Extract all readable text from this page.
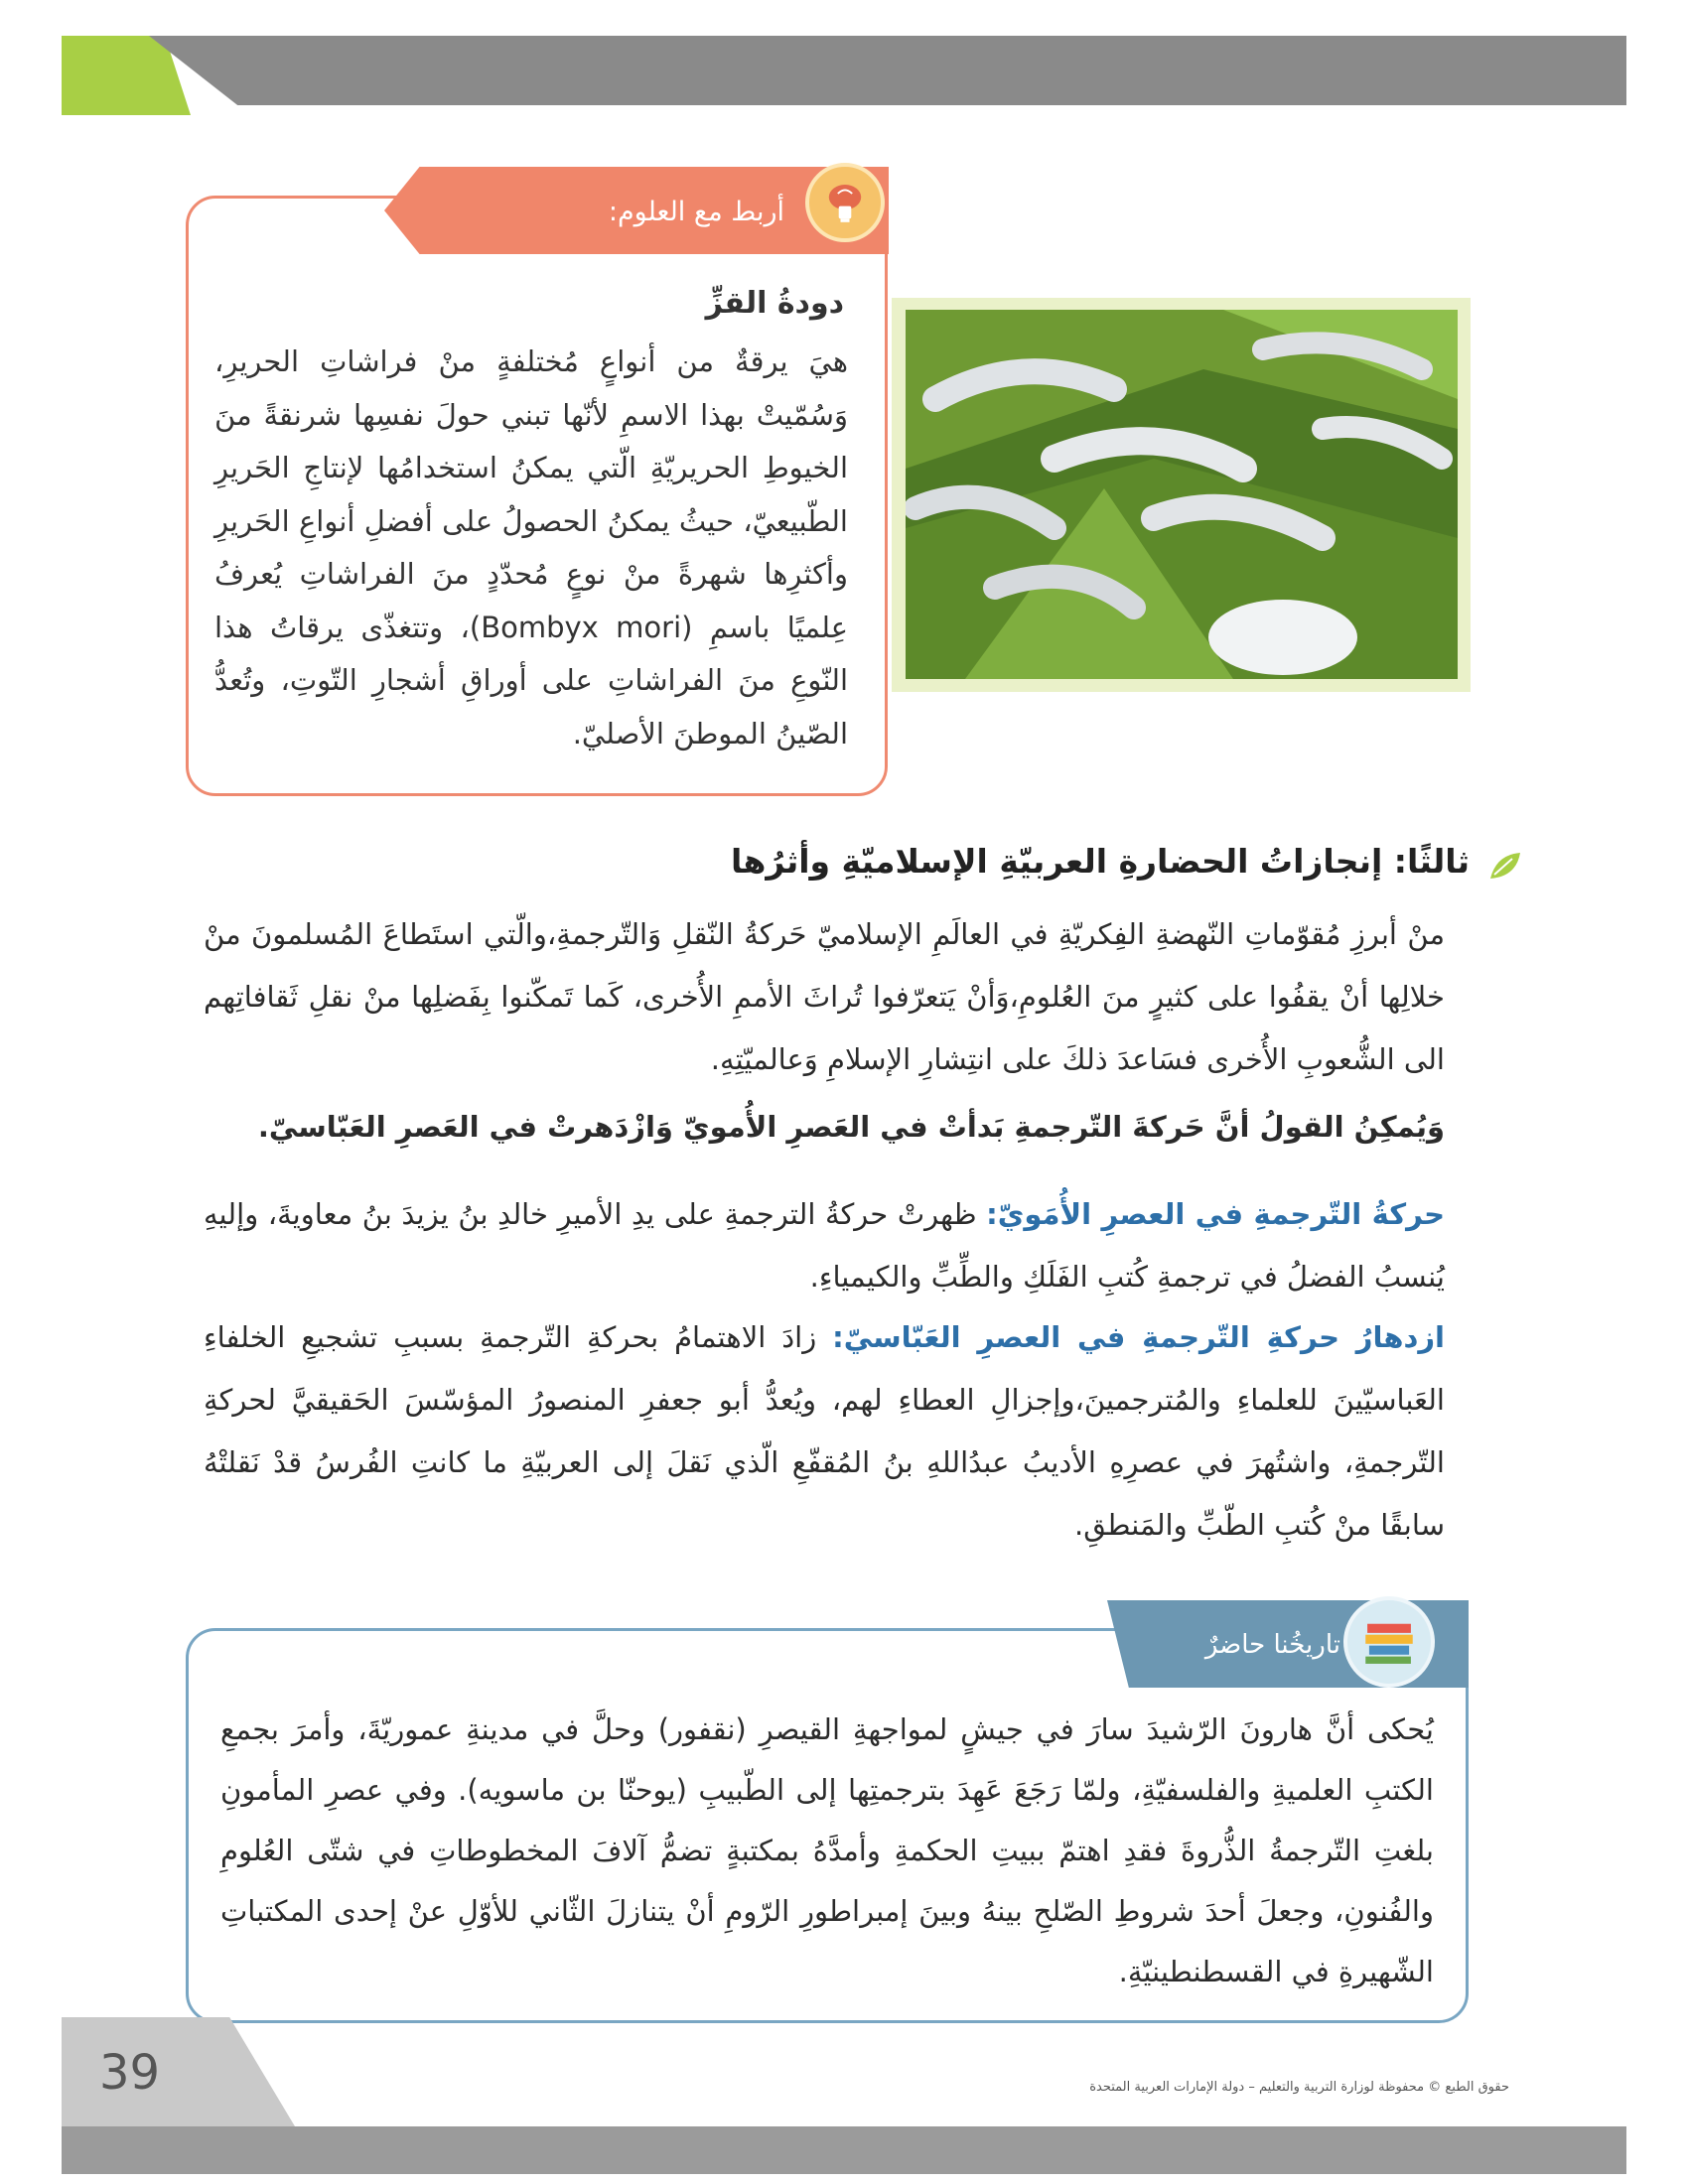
أربط مع العلوم:
دودةُ القزِّ
هيَ يرقةٌ من أنواعٍ مُختلفةٍ منْ فراشاتِ الحريرِ، وَسُمّيتْ بهذا الاسمِ لأنّها تبني حولَ نفسِها شرنقةً منَ الخيوطِ الحريريّةِ الّتي يمكنُ استخدامُها لإنتاجِ الحَريرِ الطّبيعيّ، حيثُ يمكنُ الحصولُ على أفضلِ أنواعِ الحَريرِ وأكثرِها شهرةً منْ نوعٍ مُحدّدٍ منَ الفراشاتِ يُعرفُ عِلميًا باسمِ (Bombyx mori)، وتتغذّى يرقاتُ هذا النّوعِ منَ الفراشاتِ على أوراقِ أشجارِ التّوتِ، وتُعدُّ الصّينُ الموطنَ الأصليّ.
ثالثًا: إنجازاتُ الحضارةِ العربيّةِ الإسلاميّةِ وأثرُها
منْ أبرزِ مُقوّماتِ النّهضةِ الفِكريّةِ في العالَمِ الإسلاميّ حَركةُ النّقلِ وَالتّرجمةِ،والّتي استَطاعَ المُسلمونَ منْ خلالِها أنْ يقفُوا على كثيرٍ منَ العُلومِ،وَأنْ يَتعرّفوا تُراثَ الأممِ الأُخرى، كَما تَمكّنوا بِفَضلِها منْ نقلِ ثَقافاتِهم الى الشُّعوبِ الأُخرى فسَاعدَ ذلكَ على انتِشارِ الإسلامِ وَعالميّتِهِ.
وَيُمكِنُ القولُ أنَّ حَركةَ التّرجمةِ بَدأتْ في العَصرِ الأُمويّ وَازْدَهرتْ في العَصرِ العَبّاسيّ.
حركةُ التّرجمةِ في العصرِ الأُمَويّ: ظهرتْ حركةُ الترجمةِ على يدِ الأميرِ خالدِ بنُ يزيدَ بنُ معاويةَ، وإليهِ يُنسبُ الفضلُ في ترجمةِ كُتبِ الفَلَكِ والطِّبِّ والكيمياءِ.
ازدهارُ حركةِ التّرجمةِ في العصرِ العَبّاسيّ: زادَ الاهتمامُ بحركةِ التّرجمةِ بسببِ تشجيعِ الخلفاءِ العَباسيّينَ للعلماءِ والمُترجمينَ،وإجزالِ العطاءِ لهم، ويُعدُّ أبو جعفرِ المنصورُ المؤسّسَ الحَقيقيَّ لحركةِ التّرجمةِ، واشتُهرَ في عصرِهِ الأديبُ عبدُاللهِ بنُ المُقفّعِ الّذي نَقلَ إلى العربيّةِ ما كانتِ الفُرسُ قدْ نَقلتْهُ سابقًا منْ كُتبِ الطّبِّ والمَنطقِ.
تاريخُنا حاضرٌ
يُحكى أنَّ هارونَ الرّشيدَ سارَ في جيشٍ لمواجهةِ القيصرِ (نقفور) وحلَّ في مدينةِ عموريّةَ، وأمرَ بجمعِ الكتبِ العلميةِ والفلسفيّةِ، ولمّا رَجَعَ عَهِدَ بترجمتِها إلى الطّبيبِ (يوحنّا بن ماسويه). وفي عصرِ المأمونِ بلغتِ التّرجمةُ الذُّروةَ فقدِ اهتمّ ببيتِ الحكمةِ وأمدَّهُ بمكتبةٍ تضمُّ آلافَ المخطوطاتِ في شتّى العُلومِ والفُنونِ، وجعلَ أحدَ شروطِ الصّلحِ بينهُ وبينَ إمبراطورِ الرّومِ أنْ يتنازلَ الثّاني للأوّلِ عنْ إحدى المكتباتِ الشّهيرةِ في القسطنطينيّةِ.
39	حقوق الطبع © محفوظة لوزارة التربية والتعليم – دولة الإمارات العربية المتحدة
